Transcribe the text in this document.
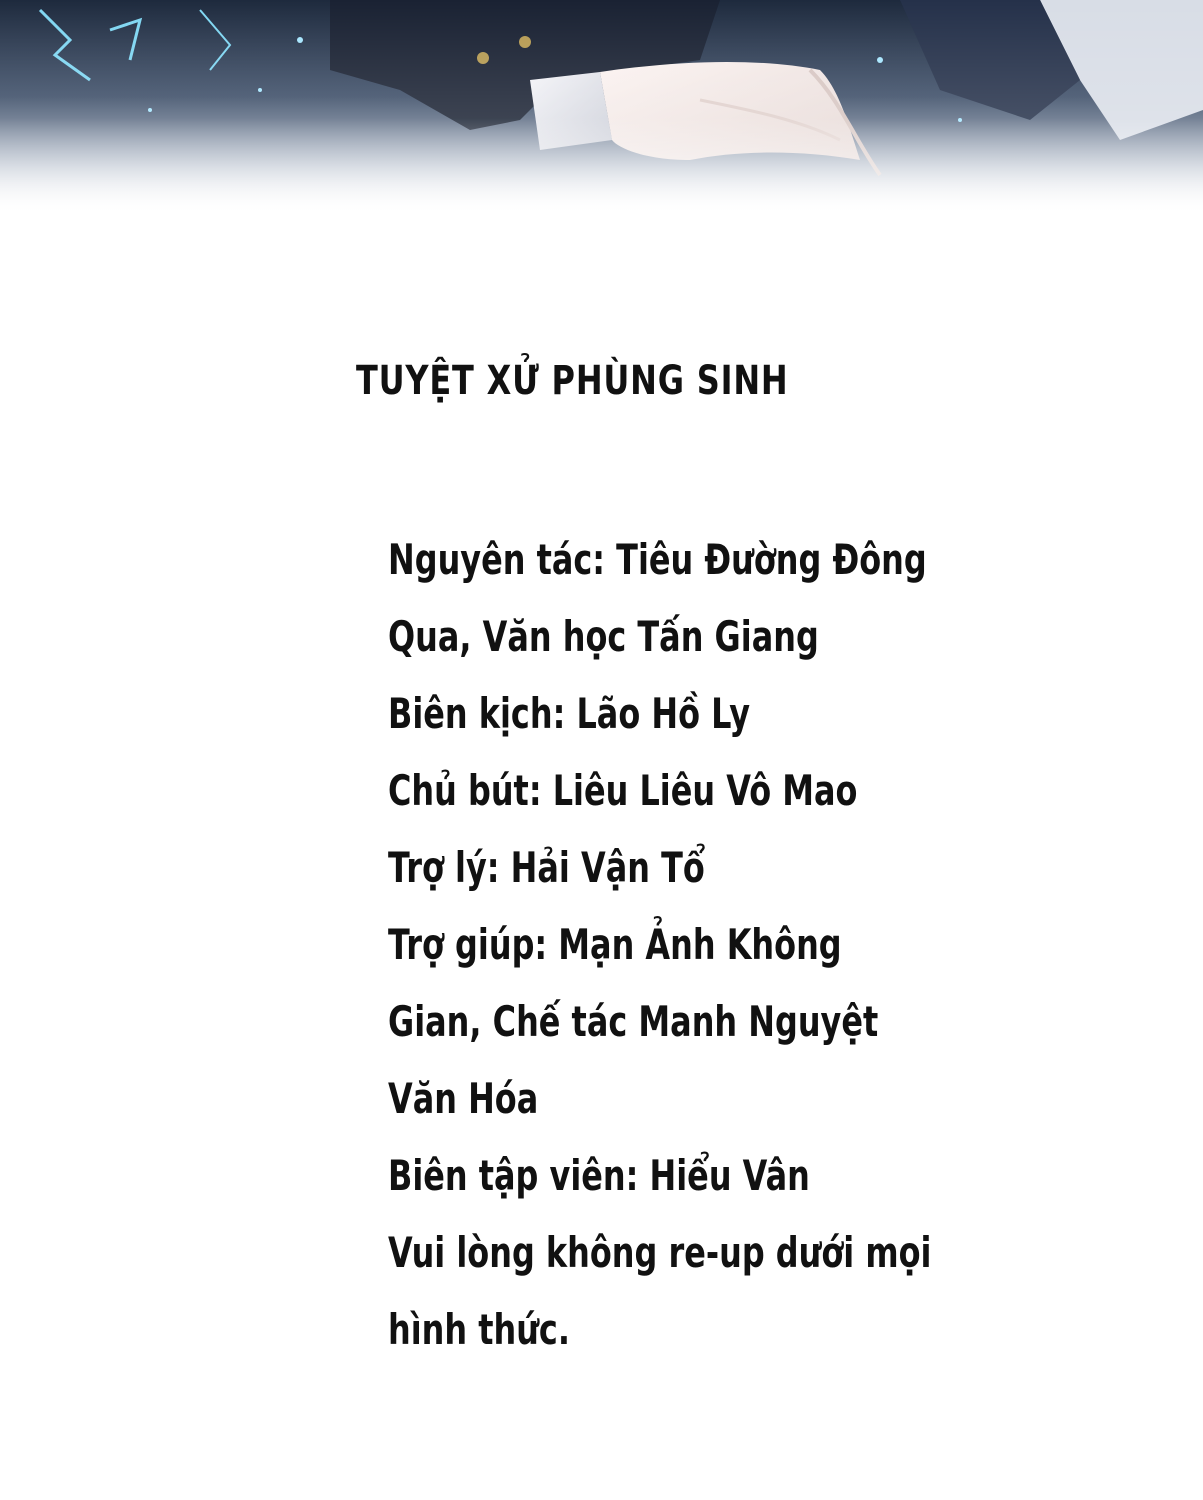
TUYỆT XỬ PHÙNG SINH
Nguyên tác: Tiêu Đường Đông
Qua, Văn học Tấn Giang
Biên kịch: Lão Hồ Ly
Chủ bút: Liêu Liêu Vô Mao
Trợ lý: Hải Vận Tổ
Trợ giúp: Mạn Ảnh Không
Gian, Chế tác Manh Nguyệt
Văn Hóa
Biên tập viên: Hiểu Vân
Vui lòng không re-up dưới mọi
hình thức.
